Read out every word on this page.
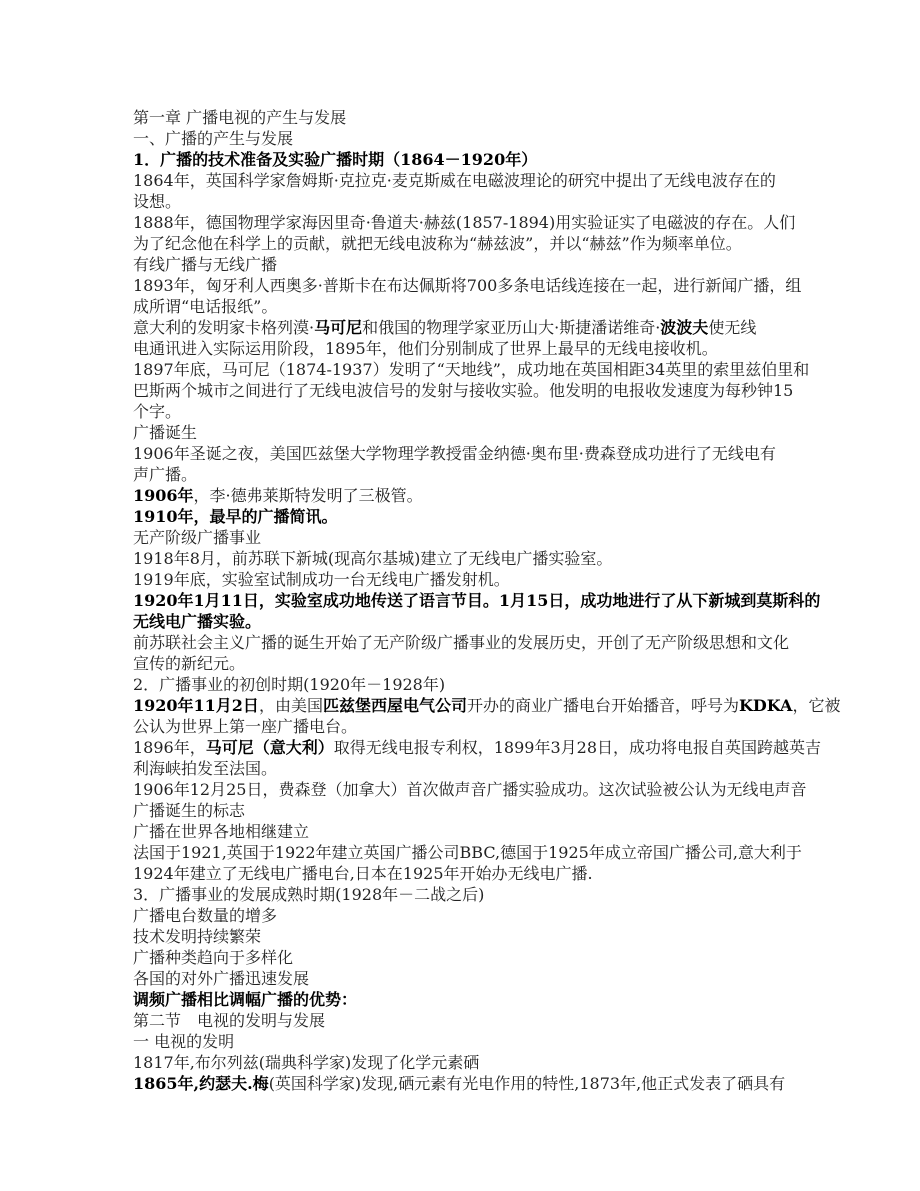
第一章 广播电视的产生与发展
一、广播的产生与发展
1．广播的技术准备及实验广播时期（1864－1920年）
1864年，英国科学家詹姆斯·克拉克·麦克斯威在电磁波理论的研究中提出了无线电波存在的
设想。
1888年，德国物理学家海因里奇·鲁道夫·赫兹(1857-1894)用实验证实了电磁波的存在。人们
为了纪念他在科学上的贡献，就把无线电波称为“赫兹波”，并以“赫兹”作为频率单位。
有线广播与无线广播
1893年，匈牙利人西奥多·普斯卡在布达佩斯将700多条电话线连接在一起，进行新闻广播，组
成所谓“电话报纸”。
意大利的发明家卡格列漠·马可尼和俄国的物理学家亚历山大·斯捷潘诺维奇·波波夫使无线
电通讯进入实际运用阶段，1895年，他们分别制成了世界上最早的无线电接收机。
1897年底，马可尼（1874-1937）发明了“天地线”，成功地在英国相距34英里的索里兹伯里和
巴斯两个城市之间进行了无线电波信号的发射与接收实验。他发明的电报收发速度为每秒钟15
个字。
广播诞生
1906年圣诞之夜，美国匹兹堡大学物理学教授雷金纳德·奥布里·费森登成功进行了无线电有
声广播。
1906年，李·德弗莱斯特发明了三极管。
1910年，最早的广播简讯。
无产阶级广播事业
1918年8月，前苏联下新城(现高尔基城)建立了无线电广播实验室。
1919年底，实验室试制成功一台无线电广播发射机。
1920年1月11日，实验室成功地传送了语言节目。1月15日，成功地进行了从下新城到莫斯科的
无线电广播实验。
前苏联社会主义广播的诞生开始了无产阶级广播事业的发展历史，开创了无产阶级思想和文化
宣传的新纪元。
2．广播事业的初创时期(1920年－1928年)
1920年11月2日，由美国匹兹堡西屋电气公司开办的商业广播电台开始播音，呼号为KDKA，它被
公认为世界上第一座广播电台。
1896年，马可尼（意大利）取得无线电报专利权，1899年3月28日，成功将电报自英国跨越英吉
利海峡拍发至法国。
1906年12月25日，费森登（加拿大）首次做声音广播实验成功。这次试验被公认为无线电声音
广播诞生的标志
广播在世界各地相继建立
法国于1921,英国于1922年建立英国广播公司BBC,德国于1925年成立帝国广播公司,意大利于
1924年建立了无线电广播电台,日本在1925年开始办无线电广播.
3．广播事业的发展成熟时期(1928年－二战之后)
广播电台数量的增多
技术发明持续繁荣
广播种类趋向于多样化
各国的对外广播迅速发展
调频广播相比调幅广播的优势：
第二节　电视的发明与发展
一 电视的发明
1817年,布尔列兹(瑞典科学家)发现了化学元素硒
1865年,约瑟夫.梅(英国科学家)发现,硒元素有光电作用的特性,1873年,他正式发表了硒具有
